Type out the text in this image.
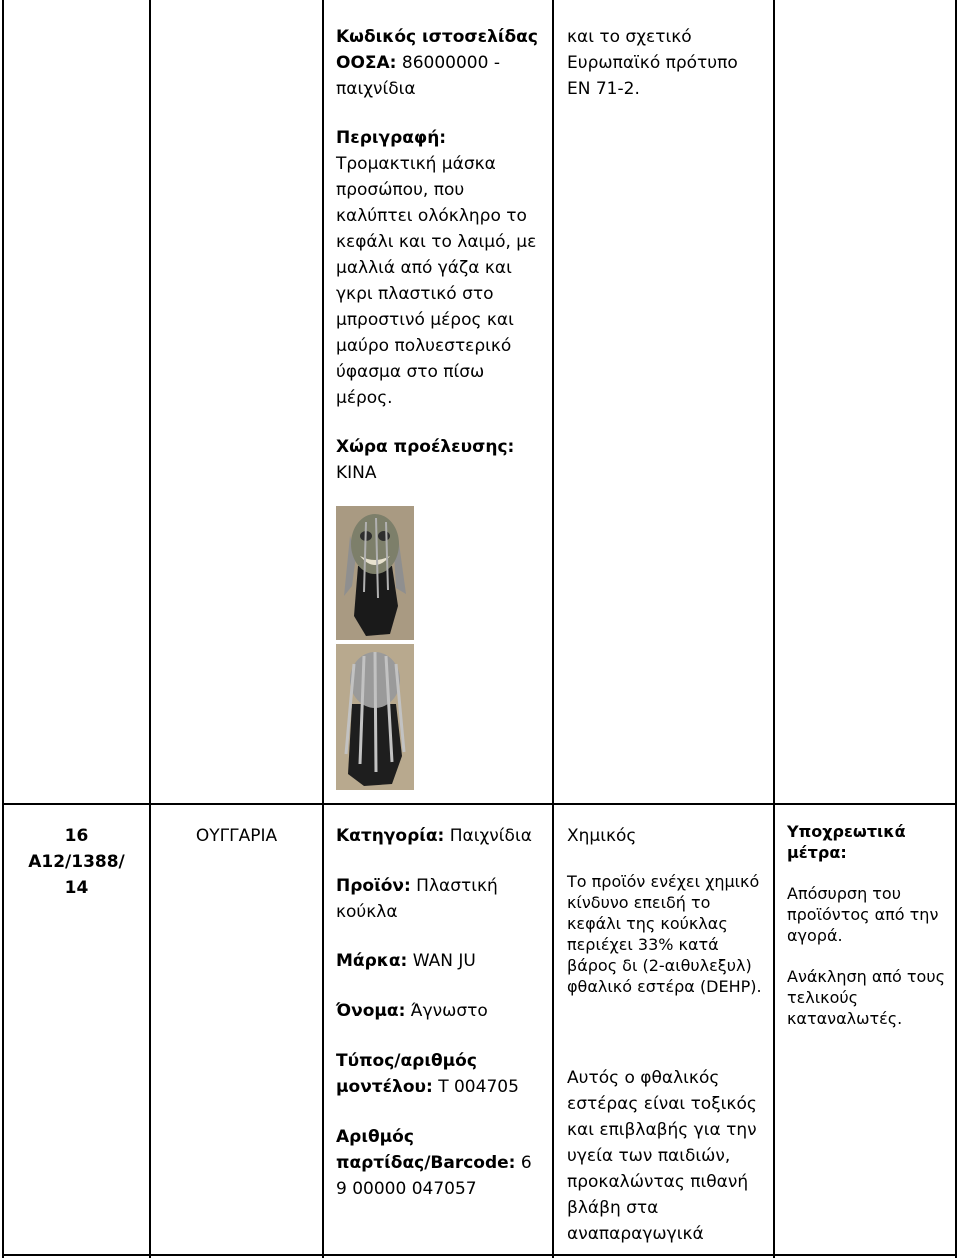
Κωδικός ιστοσελίδας ΟΟΣΑ: 86000000 - παιχνίδια
Περιγραφή:
Τρομακτική μάσκα προσώπου, που καλύπτει ολόκληρο το κεφάλι και το λαιμό, με μαλλιά από γάζα και γκρι πλαστικό στο μπροστινό μέρος και μαύρο πολυεστερικό ύφασμα στο πίσω μέρος.
Χώρα προέλευσης:
ΚΙΝΑ
και το σχετικό Ευρωπαϊκό πρότυπο ΕΝ 71-2.
16
A12/1388/
14
ΟΥΓΓΑΡΙΑ	Κατηγορία: Παιχνίδια
Προϊόν: Πλαστική κούκλα
Μάρκα: WAN JU
Όνομα: Άγνωστο
Τύπος/αριθμός μοντέλου: T 004705
Αριθμός παρτίδας/Barcode: 6 9 00000 047057
Χημικός
Το προϊόν ενέχει χημικό κίνδυνο επειδή το κεφάλι της κούκλας περιέχει 33% κατά βάρος δι (2-αιθυλεξυλ) φθαλικό εστέρα (DEHP).
Αυτός ο φθαλικός εστέρας είναι τοξικός και επιβλαβής για την υγεία των παιδιών, προκαλώντας πιθανή βλάβη στα αναπαραγωγικά
Υποχρεωτικά μέτρα:
Απόσυρση του προϊόντος από την αγορά.
Ανάκληση από τους τελικούς καταναλωτές.
